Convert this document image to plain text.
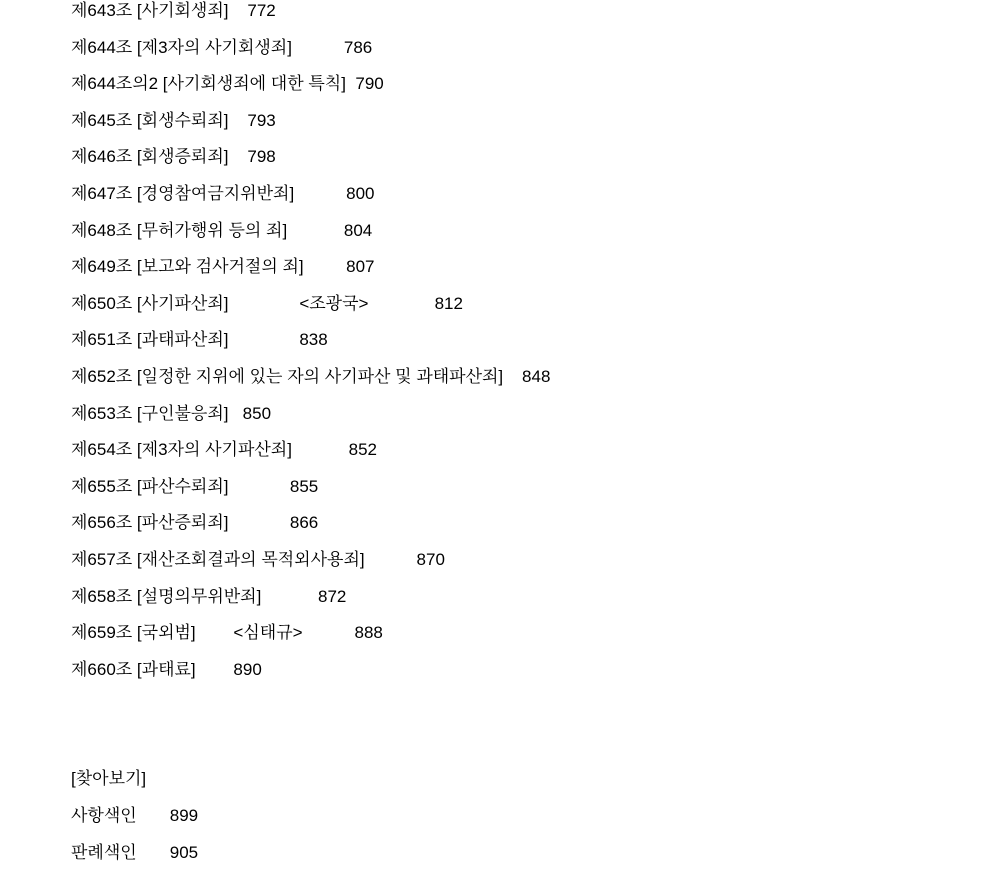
제643조 [사기회생죄]    772
제644조 [제3자의 사기회생죄]           786
제644조의2 [사기회생죄에 대한 특칙]  790
제645조 [회생수뢰죄]    793
제646조 [회생증뢰죄]    798
제647조 [경영참여금지위반죄]           800
제648조 [무허가행위 등의 죄]            804
제649조 [보고와 검사거절의 죄]         807
제650조 [사기파산죄]               <조광국>              812
제651조 [과태파산죄]               838
제652조 [일정한 지위에 있는 자의 사기파산 및 과태파산죄]    848
제653조 [구인불응죄]   850
제654조 [제3자의 사기파산죄]            852
제655조 [파산수뢰죄]             855
제656조 [파산증뢰죄]             866
제657조 [재산조회결과의 목적외사용죄]           870
제658조 [설명의무위반죄]            872
제659조 [국외범]        <심태규>           888
제660조 [과태료]        890
[찾아보기]
사항색인       899
판례색인       905
